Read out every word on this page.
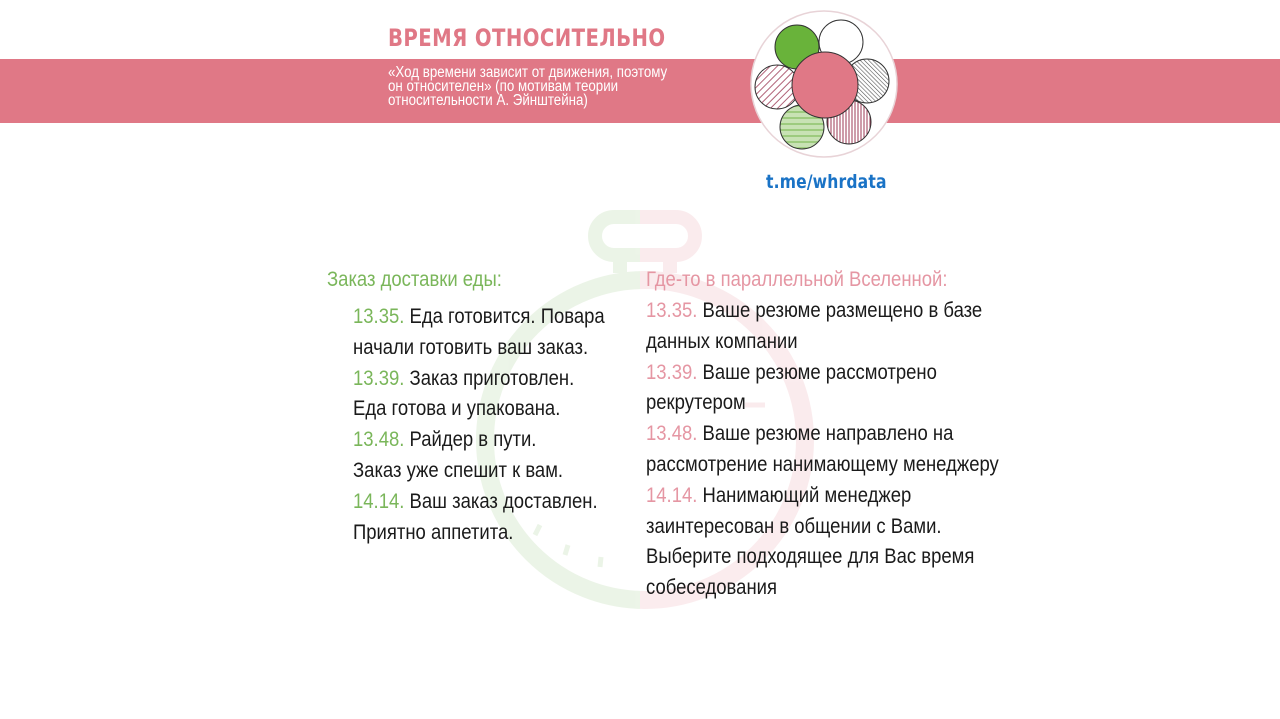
ВРЕМЯ ОТНОСИТЕЛЬНО
«Ход времени зависит от движения, поэтому
он относителен» (по мотивам теории
относительности А. Эйнштейна)
t.me/whrdata
Заказ доставки еды:
13.35. Еда готовится. Повара
начали готовить ваш заказ.
13.39. Заказ приготовлен.
Еда готова и упакована.
13.48. Райдер в пути.
Заказ уже спешит к вам.
14.14. Ваш заказ доставлен.
Приятно аппетита.
Где-то в параллельной Вселенной:
13.35. Ваше резюме размещено в базе
данных компании
13.39. Ваше резюме рассмотрено
рекрутером
13.48. Ваше резюме направлено на
рассмотрение нанимающему менеджеру
14.14. Нанимающий менеджер
заинтересован в общении с Вами.
Выберите подходящее для Вас время
собеседования
